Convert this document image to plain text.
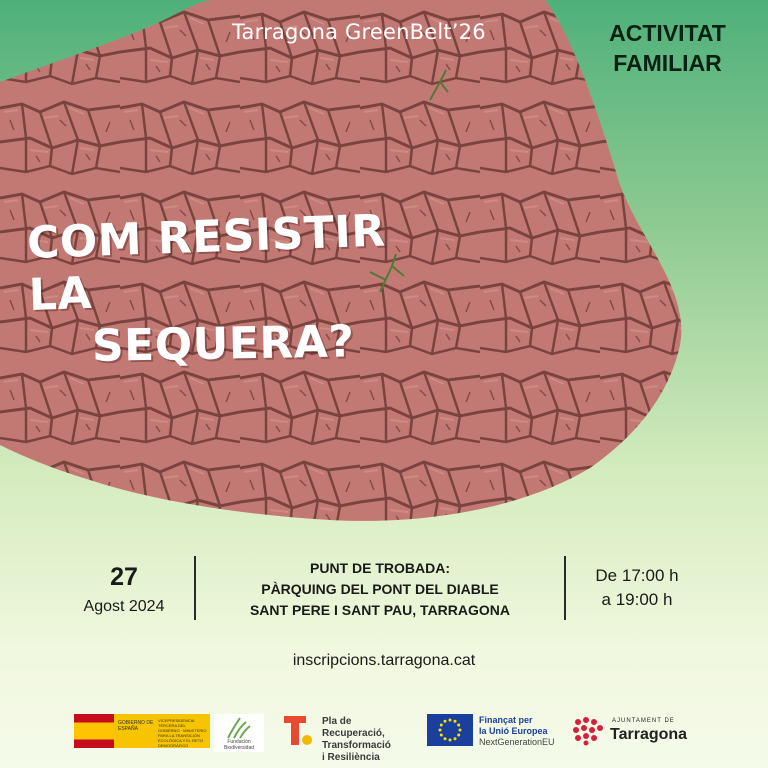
Tarragona GreenBelt’26	ACTIVITAT
FAMILIAR
COM RESISTIR LA
SEQUERA?
27
Agost 2024
PUNT DE TROBADA:
PÀRQUING DEL PONT DEL DIABLE
SANT PERE I SANT PAU, TARRAGONA
De 17:00 h
a 19:00 h
inscripcions.tarragona.cat
GOBIERNO DE ESPAÑA
VICEPRESIDENCIA TERCERA DEL GOBIERNO · MINISTERIO PARA LA TRANSICIÓN ECOLÓGICA Y EL RETO DEMOGRÁFICO
Fundación Biodiversidad
Pla de Recuperació,
Transformació
i Resiliència
Finançat per
la Unió Europea
NextGenerationEU
AJUNTAMENT DE
Tarragona
